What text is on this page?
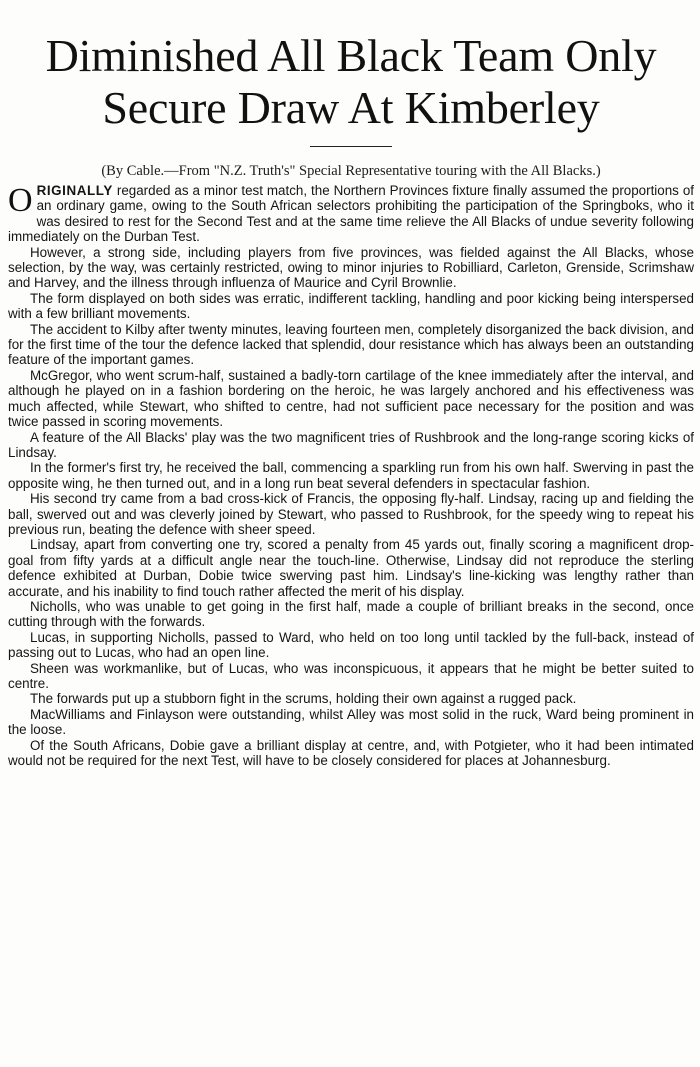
Diminished All Black Team Only
Secure Draw At Kimberley
(By Cable.—From "N.Z. Truth's" Special Representative touring with the All Blacks.)

ORIGINALLY regarded as a minor test match, the Northern Provinces fixture finally assumed the proportions of an ordinary game, owing to the South African selectors prohibiting the participation of the Springboks, who it was desired to rest for the Second Test and at the same time relieve the All Blacks of undue severity following immediately on the Durban Test.

However, a strong side, including players from five provinces, was fielded against the All Blacks, whose selection, by the way, was certainly restricted, owing to minor injuries to Robilliard, Carleton, Grenside, Scrimshaw and Harvey, and the illness through influenza of Maurice and Cyril Brownlie.

The form displayed on both sides was erratic, indifferent tackling, handling and poor kicking being interspersed with a few brilliant movements.

The accident to Kilby after twenty minutes, leaving fourteen men, completely disorganized the back division, and for the first time of the tour the defence lacked that splendid, dour resistance which has always been an outstanding feature of the important games.

McGregor, who went scrum-half, sustained a badly-torn cartilage of the knee immediately after the interval, and although he played on in a fashion bordering on the heroic, he was largely anchored and his effectiveness was much affected, while Stewart, who shifted to centre, had not sufficient pace necessary for the position and was twice passed in scoring movements.

A feature of the All Blacks' play was the two magnificent tries of Rushbrook and the long-range scoring kicks of Lindsay.

In the former's first try, he received the ball, commencing a sparkling run from his own half. Swerving in past the opposite wing, he then turned out, and in a long run beat several defenders in spectacular fashion.

His second try came from a bad cross-kick of Francis, the opposing fly-half. Lindsay, racing up and fielding the ball, swerved out and was cleverly joined by Stewart, who passed to Rushbrook, for the speedy wing to repeat his previous run, beating the defence with sheer speed.

Lindsay, apart from converting one try, scored a penalty from 45 yards out, finally scoring a magnificent drop-goal from fifty yards at a difficult angle near the touch-line. Otherwise, Lindsay did not reproduce the sterling defence exhibited at Durban, Dobie twice swerving past him. Lindsay's line-kicking was lengthy rather than accurate, and his inability to find touch rather affected the merit of his display.

Nicholls, who was unable to get going in the first half, made a couple of brilliant breaks in the second, once cutting through with the forwards.

Lucas, in supporting Nicholls, passed to Ward, who held on too long until tackled by the full-back, instead of passing out to Lucas, who had an open line.

Sheen was workmanlike, but of Lucas, who was inconspicuous, it appears that he might be better suited to centre.

The forwards put up a stubborn fight in the scrums, holding their own against a rugged pack.

MacWilliams and Finlayson were outstanding, whilst Alley was most solid in the ruck, Ward being prominent in the loose.

Of the South Africans, Dobie gave a brilliant display at centre, and, with Potgieter, who it had been intimated would not be required for the next Test, will have to be closely considered for places at Johannesburg.
